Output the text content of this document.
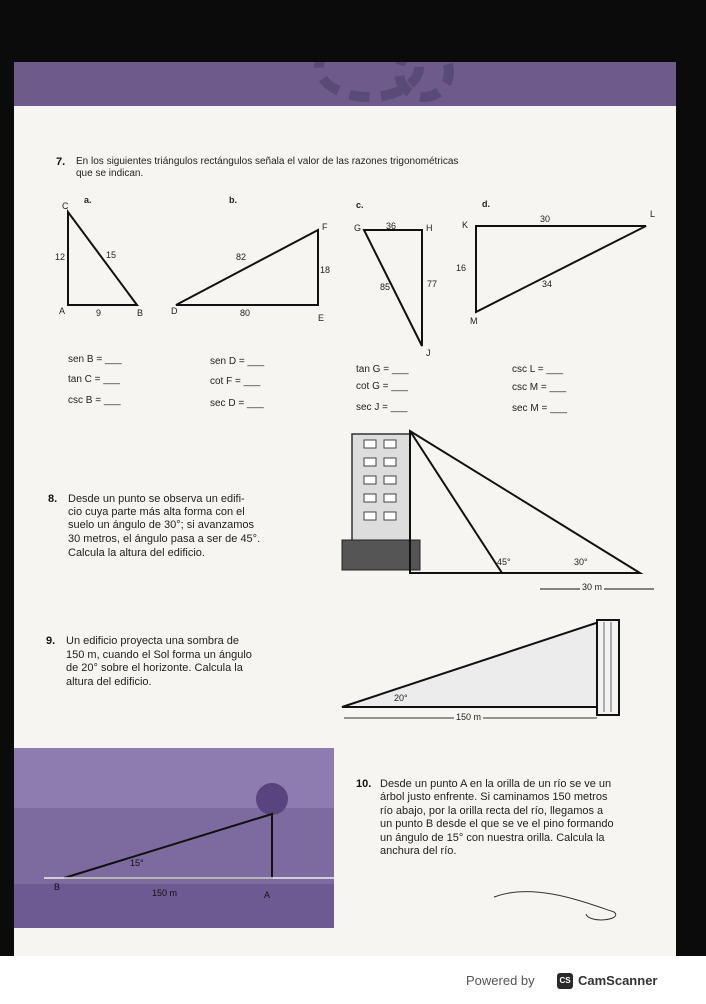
7. En los siguientes triángulos rectángulos señala el valor de las razones trigonométricas
que se indican.
a.
C
A	B
12	15
9
b.
F
D
E
82
18
80
c.
G	H
J
36
77
85
d.
K
L
M
30
16
34
sen B = ___
tan C = ___
csc B = ___
sen D = ___
cot F = ___
sec D = ___
tan G = ___
cot G = ___
sec J = ___
csc L = ___
csc M = ___
sec M = ___
8. Desde un punto se observa un edifi-
cio cuya parte más alta forma con el
suelo un ángulo de 30°; si avanzamos
30 metros, el ángulo pasa a ser de 45°.
Calcula la altura del edificio.
45°	30°
30 m
9. Un edificio proyecta una sombra de
150 m, cuando el Sol forma un ángulo
de 20° sobre el horizonte. Calcula la
altura del edificio.
20°
150 m
10. Desde un punto A en la orilla de un río se ve un
árbol justo enfrente. Si caminamos 150 metros
río abajo, por la orilla recta del río, llegamos a
un punto B desde el que se ve el pino formando
un ángulo de 15° con nuestra orilla. Calcula la
anchura del río.
15°
B
A
150 m
Powered by	CS CamScanner
